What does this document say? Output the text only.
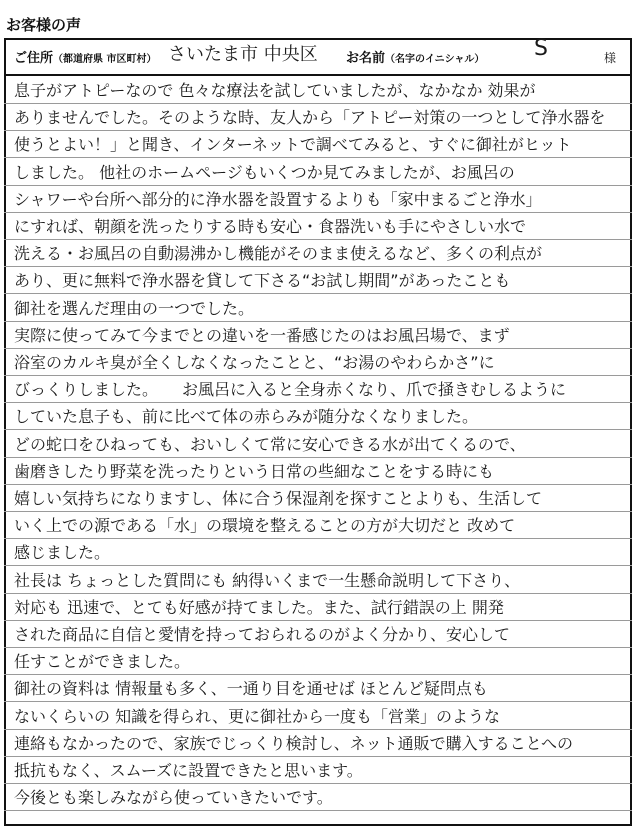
お客様の声
ご住所（都道府県 市区町村） さいたま市 中央区 お名前（名字のイニシャル） S	様
息子がアトピーなので 色々な療法を試していましたが、なかなか 効果が
ありませんでした。そのような時、友人から「アトピー対策の一つとして浄水器を
使うとよい！」と聞き、インターネットで調べてみると、すぐに御社がヒット
しました。 他社のホームページもいくつか見てみましたが、お風呂の
シャワーや台所へ部分的に浄水器を設置するよりも「家中まるごと浄水」
にすれば、朝顔を洗ったりする時も安心・食器洗いも手にやさしい水で
洗える・お風呂の自動湯沸かし機能がそのまま使えるなど、多くの利点が
あり、更に無料で浄水器を貸して下さる“お試し期間”があったことも
御社を選んだ理由の一つでした。
実際に使ってみて今までとの違いを一番感じたのはお風呂場で、まず
浴室のカルキ臭が全くしなくなったことと、“お湯のやわらかさ”に
びっくりしました。　　お風呂に入ると全身赤くなり、爪で掻きむしるように
していた息子も、前に比べて体の赤らみが随分なくなりました。
どの蛇口をひねっても、おいしくて常に安心できる水が出てくるので、
歯磨きしたり野菜を洗ったりという日常の些細なことをする時にも
嬉しい気持ちになりますし、体に合う保湿剤を探すことよりも、生活して
いく上での源である「水」の環境を整えることの方が大切だと 改めて
感じました。
社長は ちょっとした質問にも 納得いくまで一生懸命説明して下さり、
対応も 迅速で、とても好感が持てました。また、試行錯誤の上 開発
された商品に自信と愛情を持っておられるのがよく分かり、安心して
任すことができました。
御社の資料は 情報量も多く、一通り目を通せば ほとんど疑問点も
ないくらいの 知識を得られ、更に御社から一度も「営業」のような
連絡もなかったので、家族でじっくり検討し、ネット通販で購入することへの
抵抗もなく、スムーズに設置できたと思います。
今後とも楽しみながら使っていきたいです。
